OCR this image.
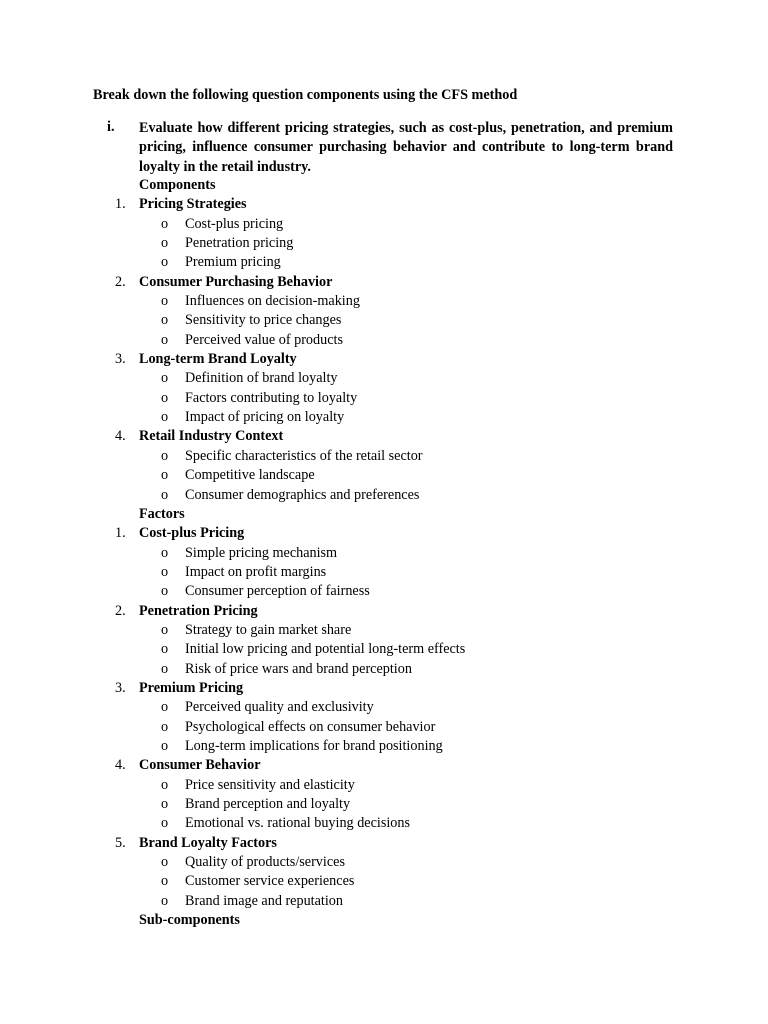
Break down the following question components using the CFS method
i. Evaluate how different pricing strategies, such as cost-plus, penetration, and premium pricing, influence consumer purchasing behavior and contribute to long-term brand loyalty in the retail industry.
Components
1. Pricing Strategies
o Cost-plus pricing
o Penetration pricing
o Premium pricing
2. Consumer Purchasing Behavior
o Influences on decision-making
o Sensitivity to price changes
o Perceived value of products
3. Long-term Brand Loyalty
o Definition of brand loyalty
o Factors contributing to loyalty
o Impact of pricing on loyalty
4. Retail Industry Context
o Specific characteristics of the retail sector
o Competitive landscape
o Consumer demographics and preferences
Factors
1. Cost-plus Pricing
o Simple pricing mechanism
o Impact on profit margins
o Consumer perception of fairness
2. Penetration Pricing
o Strategy to gain market share
o Initial low pricing and potential long-term effects
o Risk of price wars and brand perception
3. Premium Pricing
o Perceived quality and exclusivity
o Psychological effects on consumer behavior
o Long-term implications for brand positioning
4. Consumer Behavior
o Price sensitivity and elasticity
o Brand perception and loyalty
o Emotional vs. rational buying decisions
5. Brand Loyalty Factors
o Quality of products/services
o Customer service experiences
o Brand image and reputation
Sub-components
